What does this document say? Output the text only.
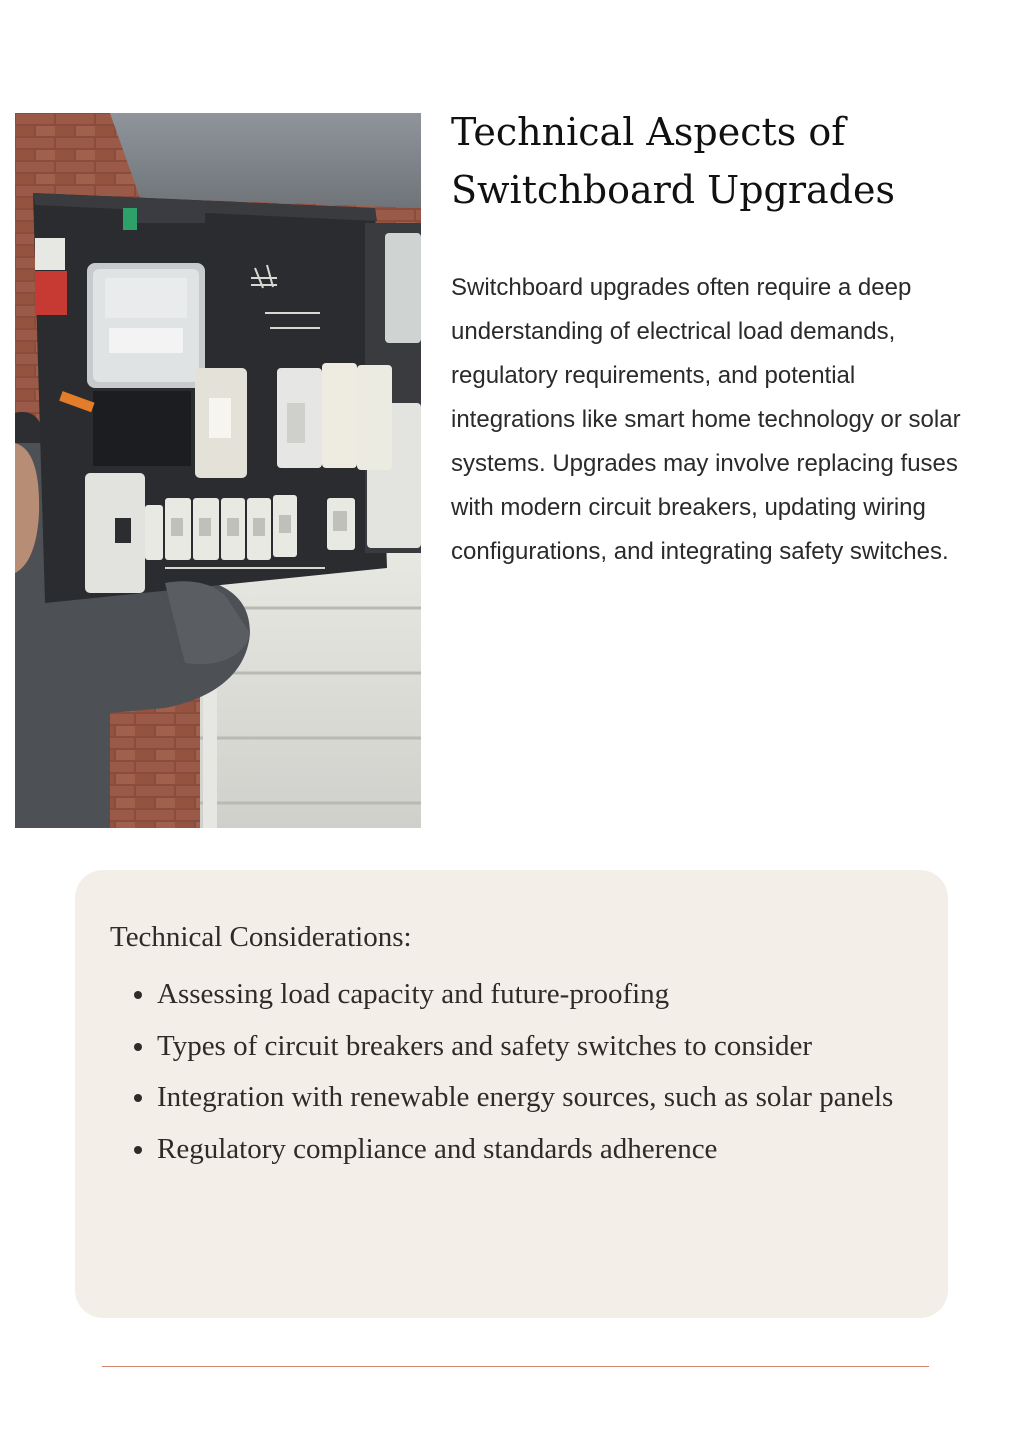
Technical Aspects of Switchboard Upgrades

Switchboard upgrades often require a deep understanding of electrical load demands, regulatory requirements, and potential integrations like smart home technology or solar systems. Upgrades may involve replacing fuses with modern circuit breakers, updating wiring configurations, and integrating safety switches.

Technical Considerations:
• Assessing load capacity and future-proofing
• Types of circuit breakers and safety switches to consider
• Integration with renewable energy sources, such as solar panels
• Regulatory compliance and standards adherence
